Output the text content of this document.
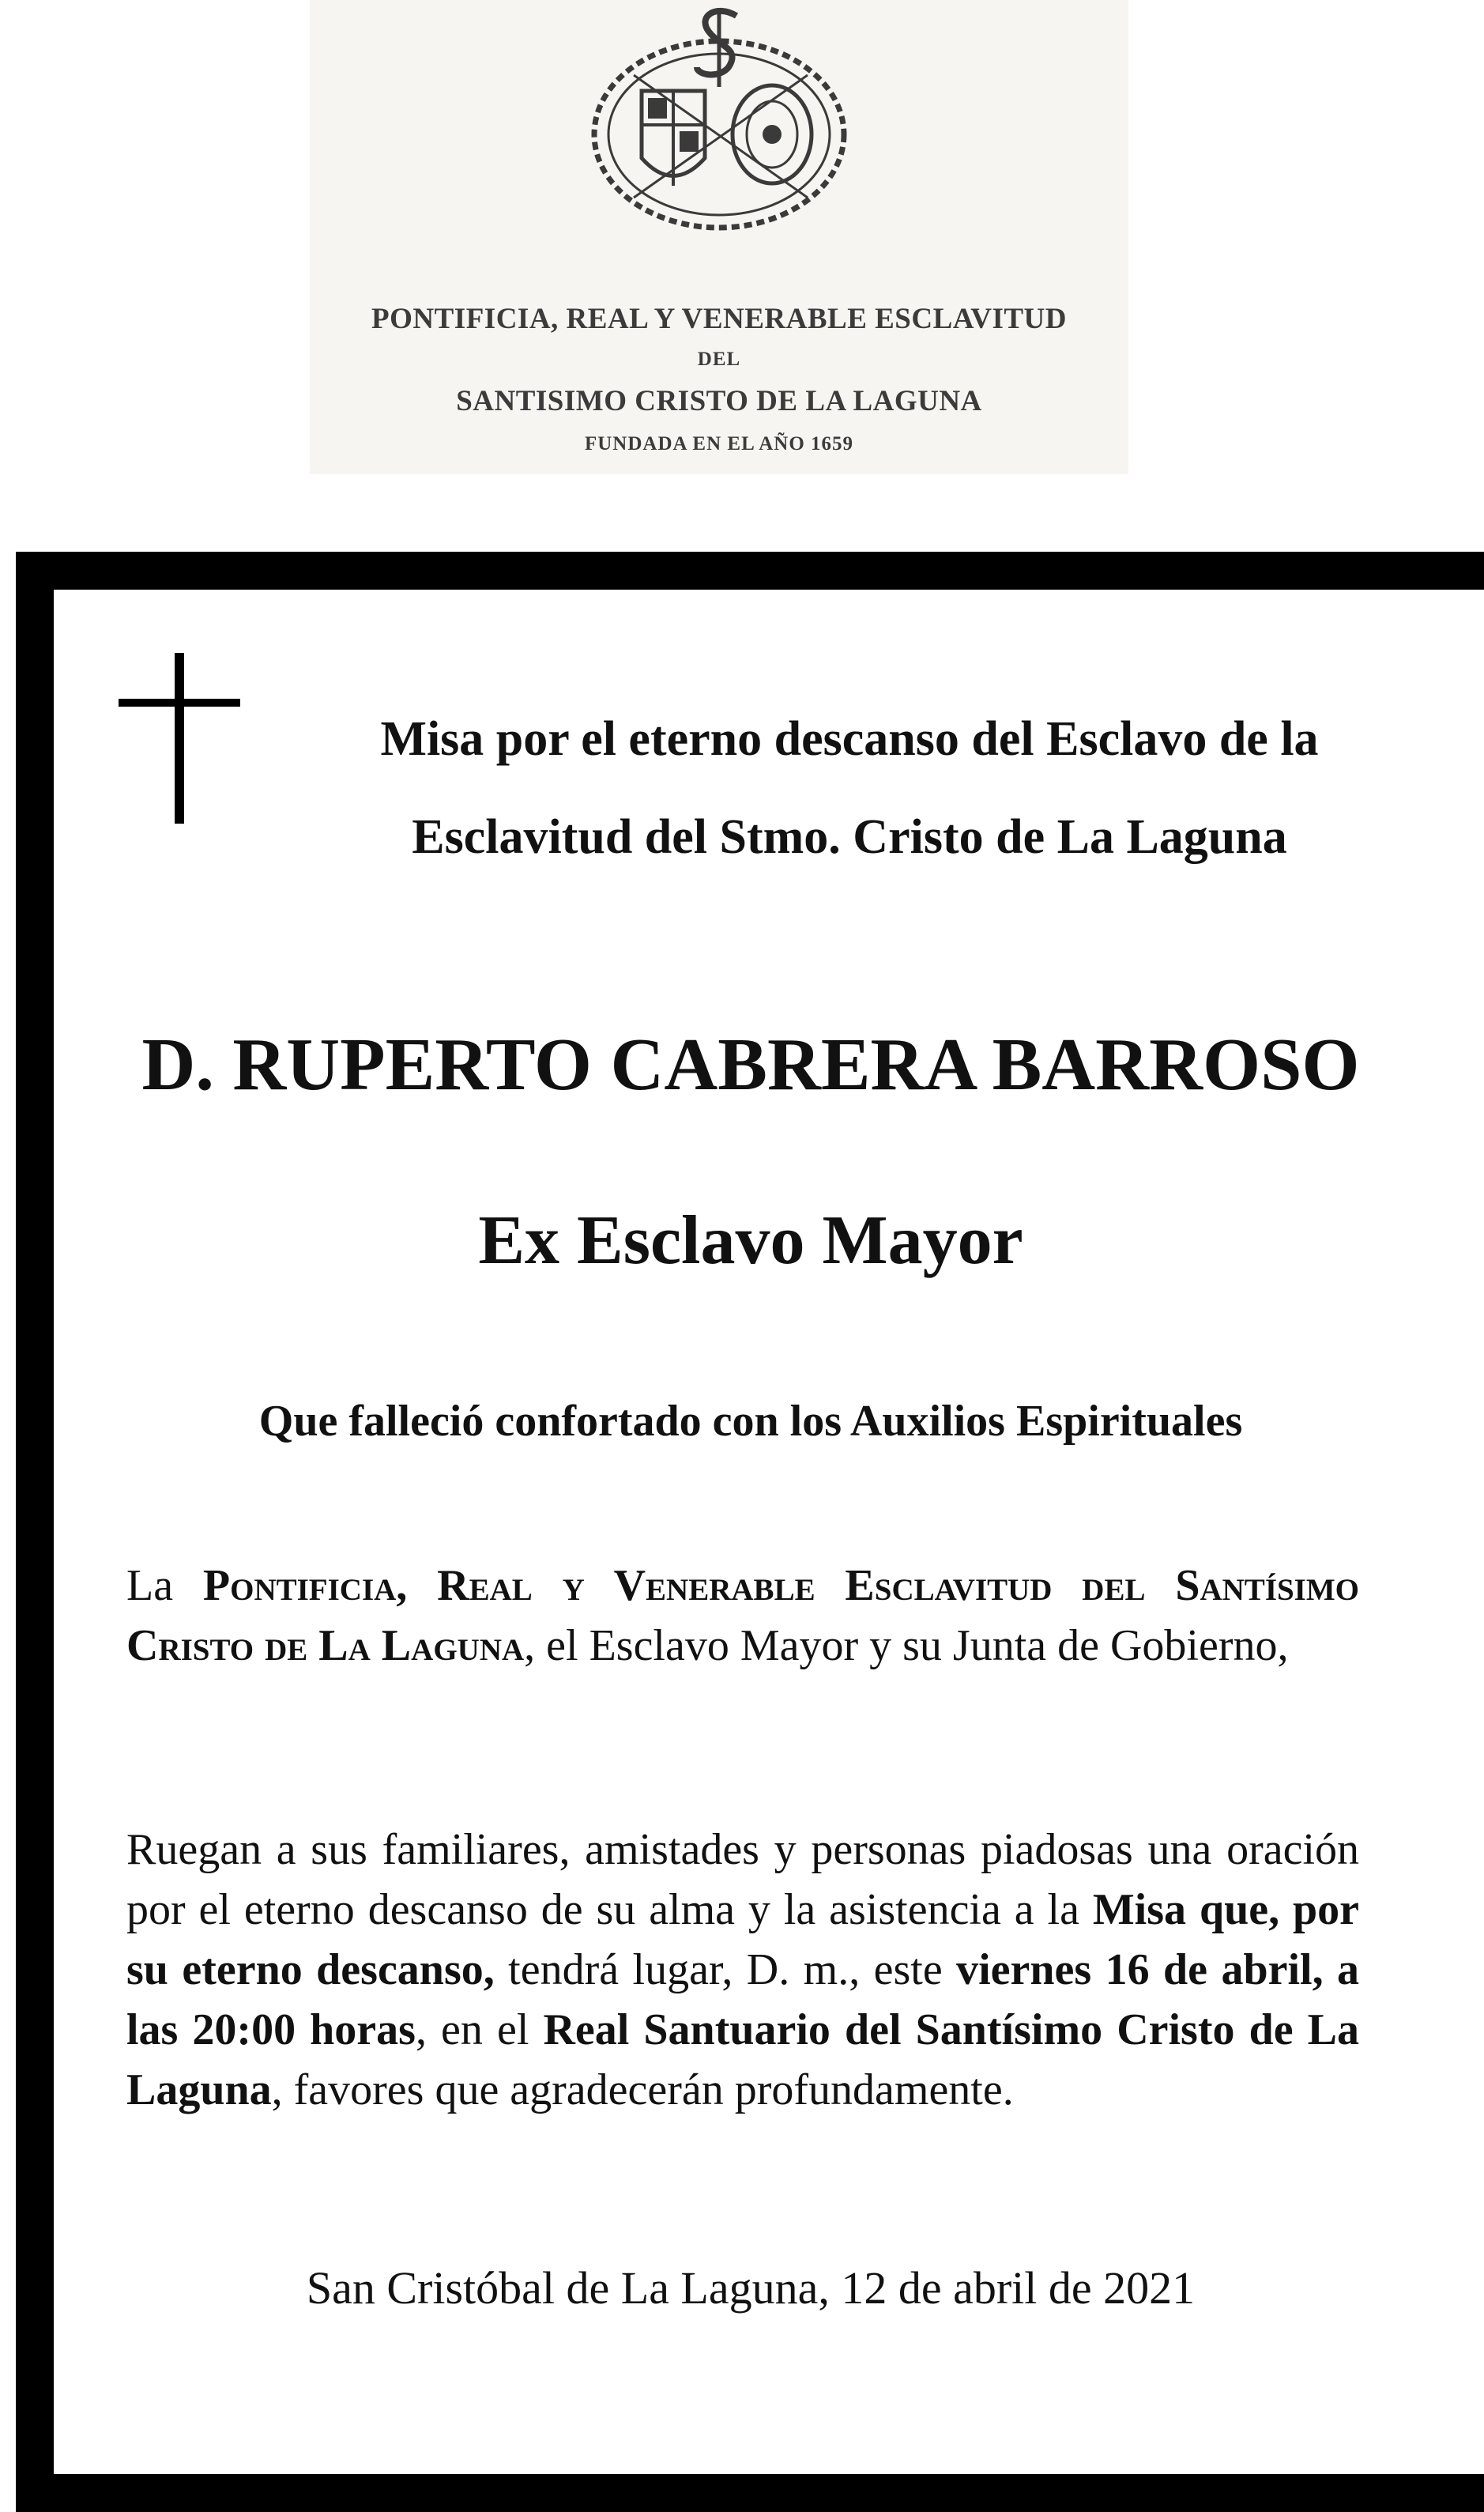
PONTIFICIA, REAL Y VENERABLE ESCLAVITUD
DEL
SANTISIMO CRISTO DE LA LAGUNA
FUNDADA EN EL AÑO 1659
Misa por el eterno descanso del Esclavo de la
Esclavitud del Stmo. Cristo de La Laguna
D. RUPERTO CABRERA BARROSO
Ex Esclavo Mayor
Que falleció confortado con los Auxilios Espirituales
La Pontificia, Real y Venerable Esclavitud del Santísimo Cristo de La Laguna, el Esclavo Mayor y su Junta de Gobierno,
Ruegan a sus familiares, amistades y personas piadosas una oración por el eterno descanso de su alma y la asistencia a la Misa que, por su eterno descanso, tendrá lugar, D. m., este viernes 16 de abril, a las 20:00 horas, en el Real Santuario del Santísimo Cristo de La Laguna, favores que agradecerán profundamente.
San Cristóbal de La Laguna, 12 de abril de 2021
